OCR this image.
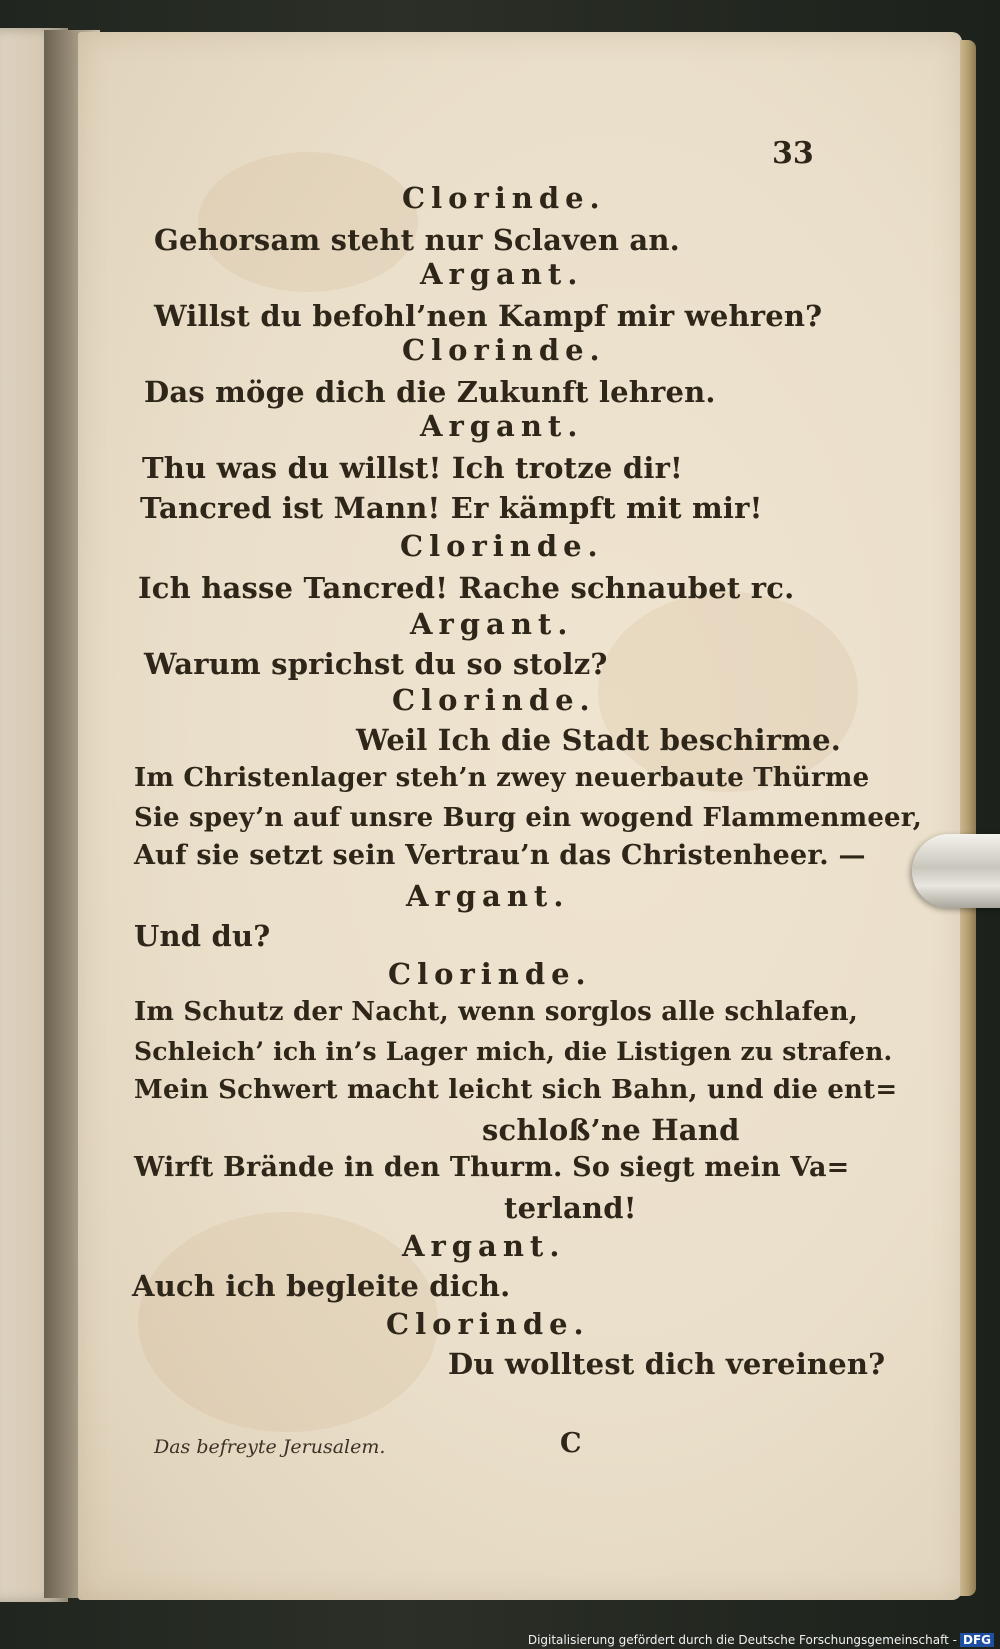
33
Clorinde.
Gehorsam steht nur Sclaven an.
Argant.
Willst du befohl’nen Kampf mir wehren?
Clorinde.
Das möge dich die Zukunft lehren.
Argant.
Thu was du willst! Ich trotze dir!
Tancred ist Mann! Er kämpft mit mir!
Clorinde.
Ich hasse Tancred! Rache schnaubet rc.
Argant.
Warum sprichst du so stolz?
Clorinde.
Weil Ich die Stadt beschirme.
Im Christenlager steh’n zwey neuerbaute Thürme
Sie spey’n auf unsre Burg ein wogend Flammenmeer,
Auf sie setzt sein Vertrau’n das Christenheer. —
Argant.
Und du?
Clorinde.
Im Schutz der Nacht, wenn sorglos alle schlafen,
Schleich’ ich in’s Lager mich, die Listigen zu strafen.
Mein Schwert macht leicht sich Bahn, und die ent=
schloß’ne Hand
Wirft Brände in den Thurm. So siegt mein Va=
terland!
Argant.
Auch ich begleite dich.
Clorinde.
Du wolltest dich vereinen?
Das befreyte Jerusalem.	C
Digitalisierung gefördert durch die Deutsche Forschungsgemeinschaft - DFG
